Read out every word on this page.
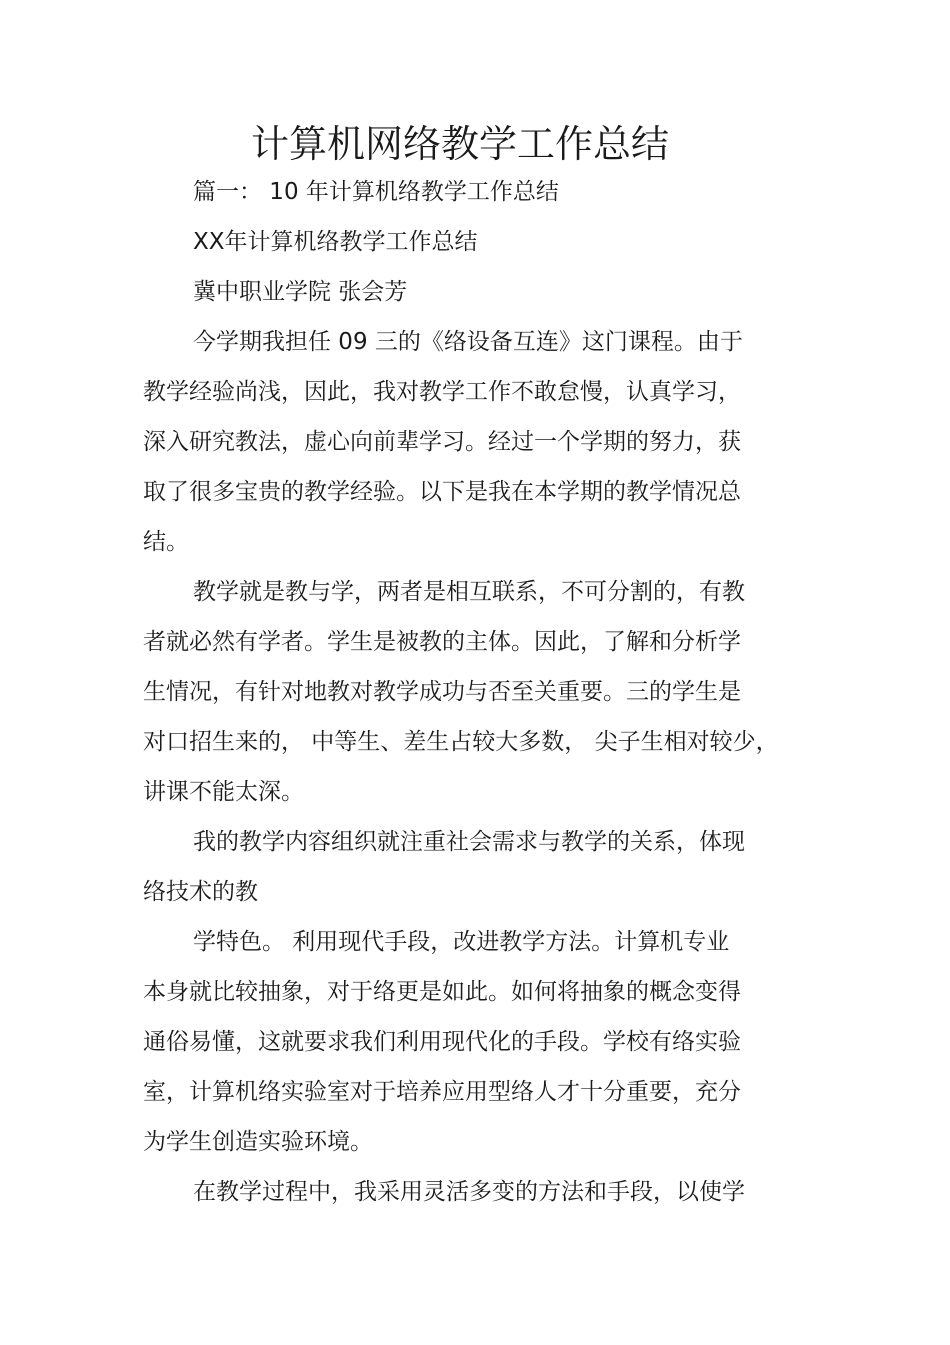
计算机网络教学工作总结
篇一： 10 年计算机络教学工作总结
XX年计算机络教学工作总结
冀中职业学院 张会芳
今学期我担任 09 三的《络设备互连》这门课程。由于
教学经验尚浅，因此，我对教学工作不敢怠慢，认真学习，
深入研究教法，虚心向前辈学习。经过一个学期的努力，获
取了很多宝贵的教学经验。以下是我在本学期的教学情况总
结。
教学就是教与学，两者是相互联系，不可分割的，有教
者就必然有学者。学生是被教的主体。因此，了解和分析学
生情况，有针对地教对教学成功与否至关重要。三的学生是
对口招生来的， 中等生、差生占较大多数， 尖子生相对较少，
讲课不能太深。
我的教学内容组织就注重社会需求与教学的关系，体现
络技术的教
学特色。 利用现代手段，改进教学方法。计算机专业
本身就比较抽象，对于络更是如此。如何将抽象的概念变得
通俗易懂，这就要求我们利用现代化的手段。学校有络实验
室，计算机络实验室对于培养应用型络人才十分重要，充分
为学生创造实验环境。
在教学过程中，我采用灵活多变的方法和手段，以使学
